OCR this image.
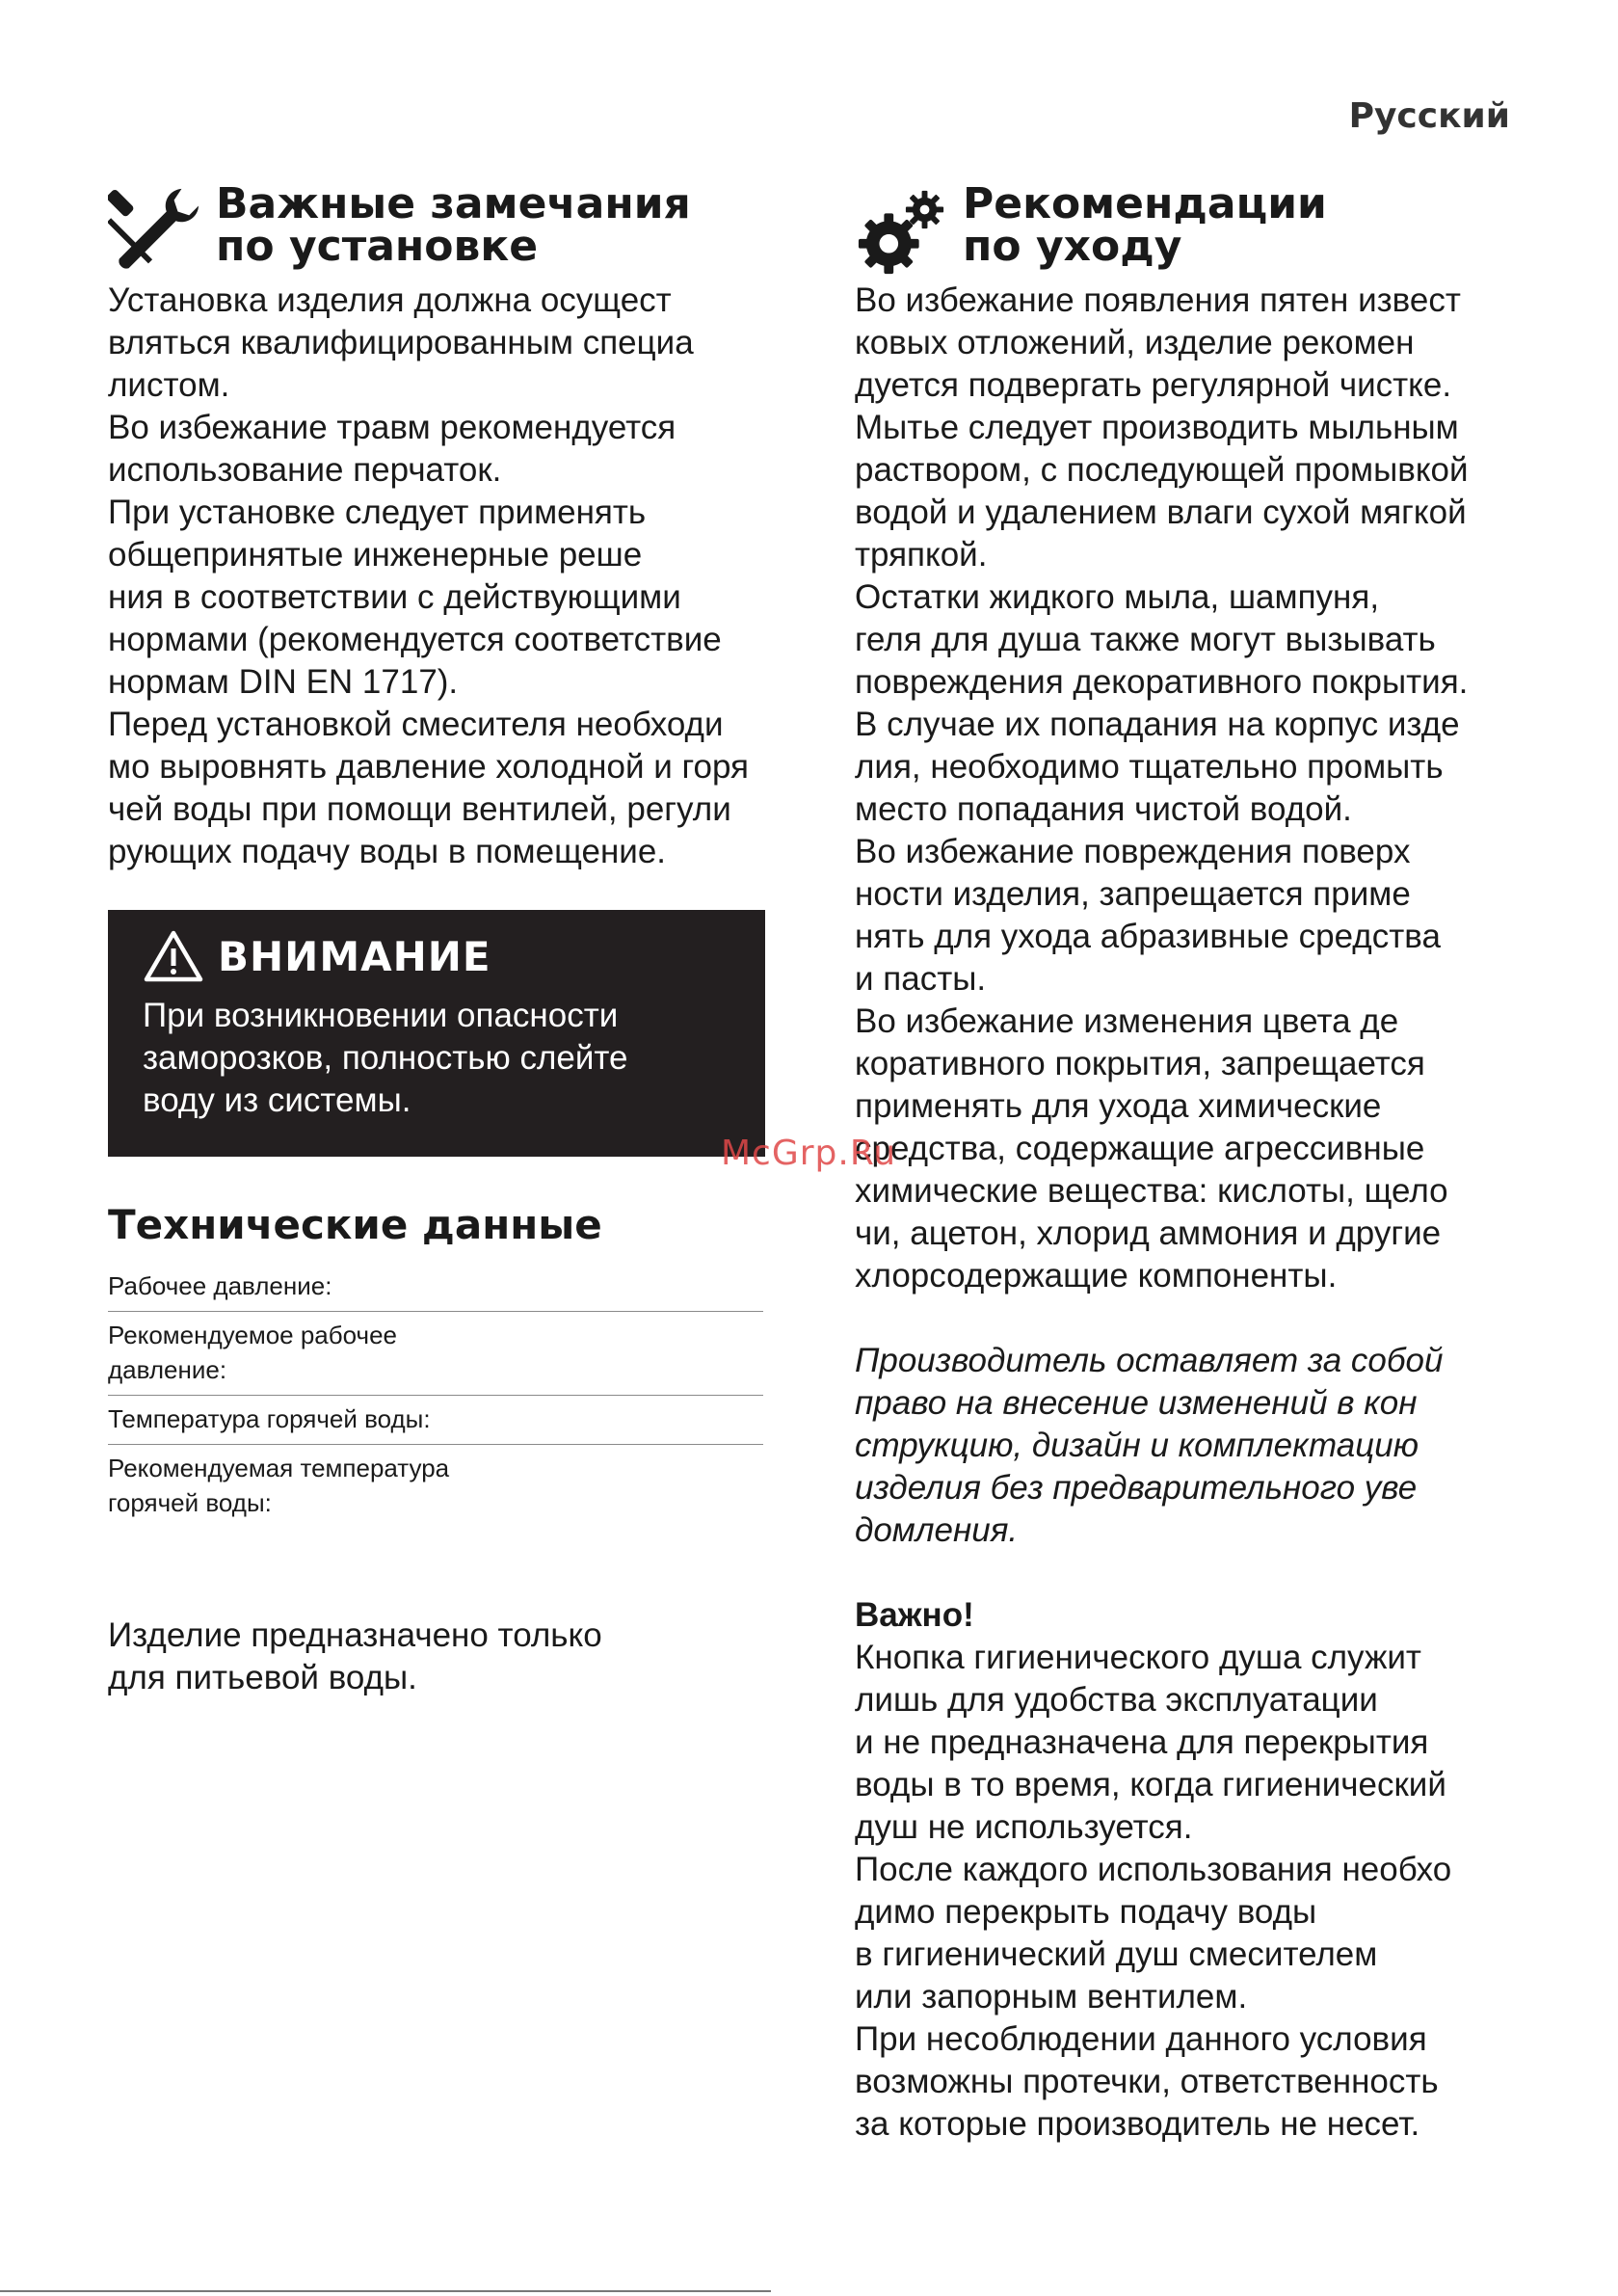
Русский
Важные замечания
по установке

Установка изделия должна осущест

вляться квалифицированным специа

листом.

Во избежание травм рекомендуется

использование перчаток.

При установке следует применять

общепринятые инженерные реше

ния в соответствии с действующими

нормами (рекомендуется соответствие

нормам DIN EN 1717).

Перед установкой смесителя необходи

мо выровнять давление холодной и горя

чей воды при помощи вентилей, регули

рующих подачу воды в помещение.

ВНИМАНИЕ
При возникновении опасности
заморозков, полностью слейте
воду из системы.
Технические данные
Рабочее давление:
Рекомендуемое рабочее
давление:
Температура горячей воды:
Рекомендуемая температура
горячей воды:
Изделие предназначено только
для питьевой воды.
Рекомендации
по уходу

Во избежание появления пятен извест

ковых отложений, изделие рекомен

дуется подвергать регулярной чистке.

Мытье следует производить мыльным

раствором, с последующей промывкой

водой и удалением влаги сухой мягкой

тряпкой.

Остатки жидкого мыла, шампуня,

геля для душа также могут вызывать

повреждения декоративного покрытия.

В случае их попадания на корпус изде

лия, необходимо тщательно промыть

место попадания чистой водой.

Во избежание повреждения поверх

ности изделия, запрещается приме

нять для ухода абразивные средства

и пасты.

Во избежание изменения цвета де

коративного покрытия, запрещается

применять для ухода химические

средства, содержащие агрессивные

химические вещества: кислоты, щело

чи, ацетон, хлорид аммония и другие

хлорсодержащие компоненты.

Производитель оставляет за собой

право на внесение изменений в кон

струкцию, дизайн и комплектацию

изделия без предварительного уве

домления.

Важно!

Кнопка гигиенического душа служит

лишь для удобства эксплуатации

и не предназначена для перекрытия

воды в то время, когда гигиенический

душ не используется.

После каждого использования необхо

димо перекрыть подачу воды

в гигиенический душ смесителем

или запорным вентилем.

При несоблюдении данного условия

возможны протечки, ответственность

за которые производитель не несет.

McGrp.Ru
